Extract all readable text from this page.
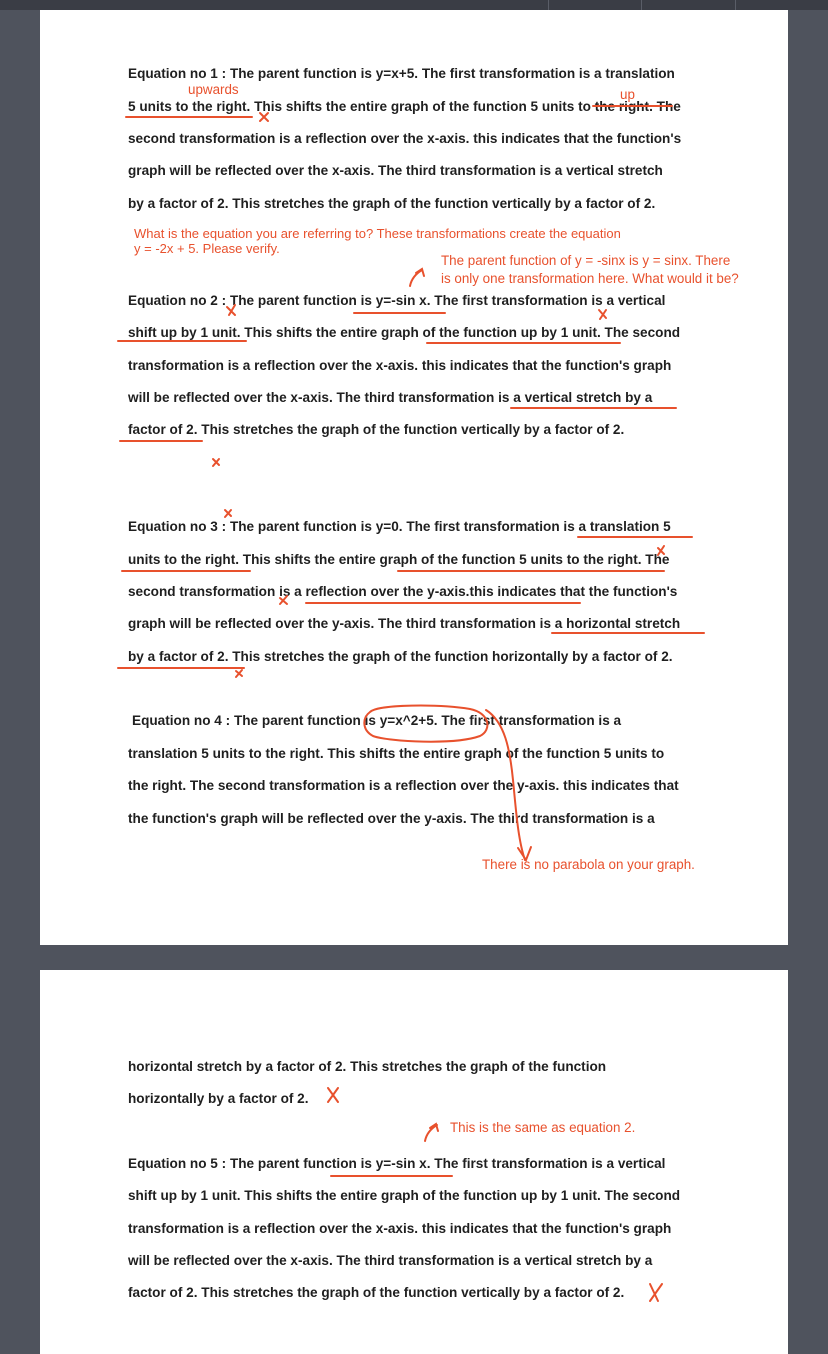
Equation no 1 : The parent function is y=x+5. The first transformation is a translation

5 units to the right. This shifts the entire graph of the function 5 units to the right. The

second transformation is a reflection over the x-axis. this indicates that the function's

graph will be reflected over the x-axis. The third transformation is a vertical stretch

by a factor of 2. This stretches the graph of the function vertically by a factor of 2.

upwards	up

What is the equation you are referring to? These transformations create the equation

y = -2x + 5. Please verify.

The parent function of y = -sinx is y = sinx. There

is only one transformation here. What would it be?

Equation no 2 : The parent function is y=-sin x. The first transformation is a vertical

shift up by 1 unit. This shifts the entire graph of the function up by 1 unit. The second

transformation is a reflection over the x-axis. this indicates that the function's graph

will be reflected over the x-axis. The third transformation is a vertical stretch by a

factor of 2. This stretches the graph of the function vertically by a factor of 2.

Equation no 3 : The parent function is y=0. The first transformation is a translation 5

units to the right. This shifts the entire graph of the function 5 units to the right. The

second transformation is a reflection over the y-axis.this indicates that the function's

graph will be reflected over the y-axis. The third transformation is a horizontal stretch

by a factor of 2. This stretches the graph of the function horizontally by a factor of 2.

Equation no 4 : The parent function is y=x^2+5. The first transformation is a

translation 5 units to the right. This shifts the entire graph of the function 5 units to

the right. The second transformation is a reflection over the y-axis. this indicates that

the function's graph will be reflected over the y-axis. The third transformation is a

There is no parabola on your graph.

horizontal stretch by a factor of 2. This stretches the graph of the function

horizontally by a factor of 2.

This is the same as equation 2.

Equation no 5 : The parent function is y=-sin x. The first transformation is a vertical

shift up by 1 unit. This shifts the entire graph of the function up by 1 unit. The second

transformation is a reflection over the x-axis. this indicates that the function's graph

will be reflected over the x-axis. The third transformation is a vertical stretch by a

factor of 2. This stretches the graph of the function vertically by a factor of 2.
